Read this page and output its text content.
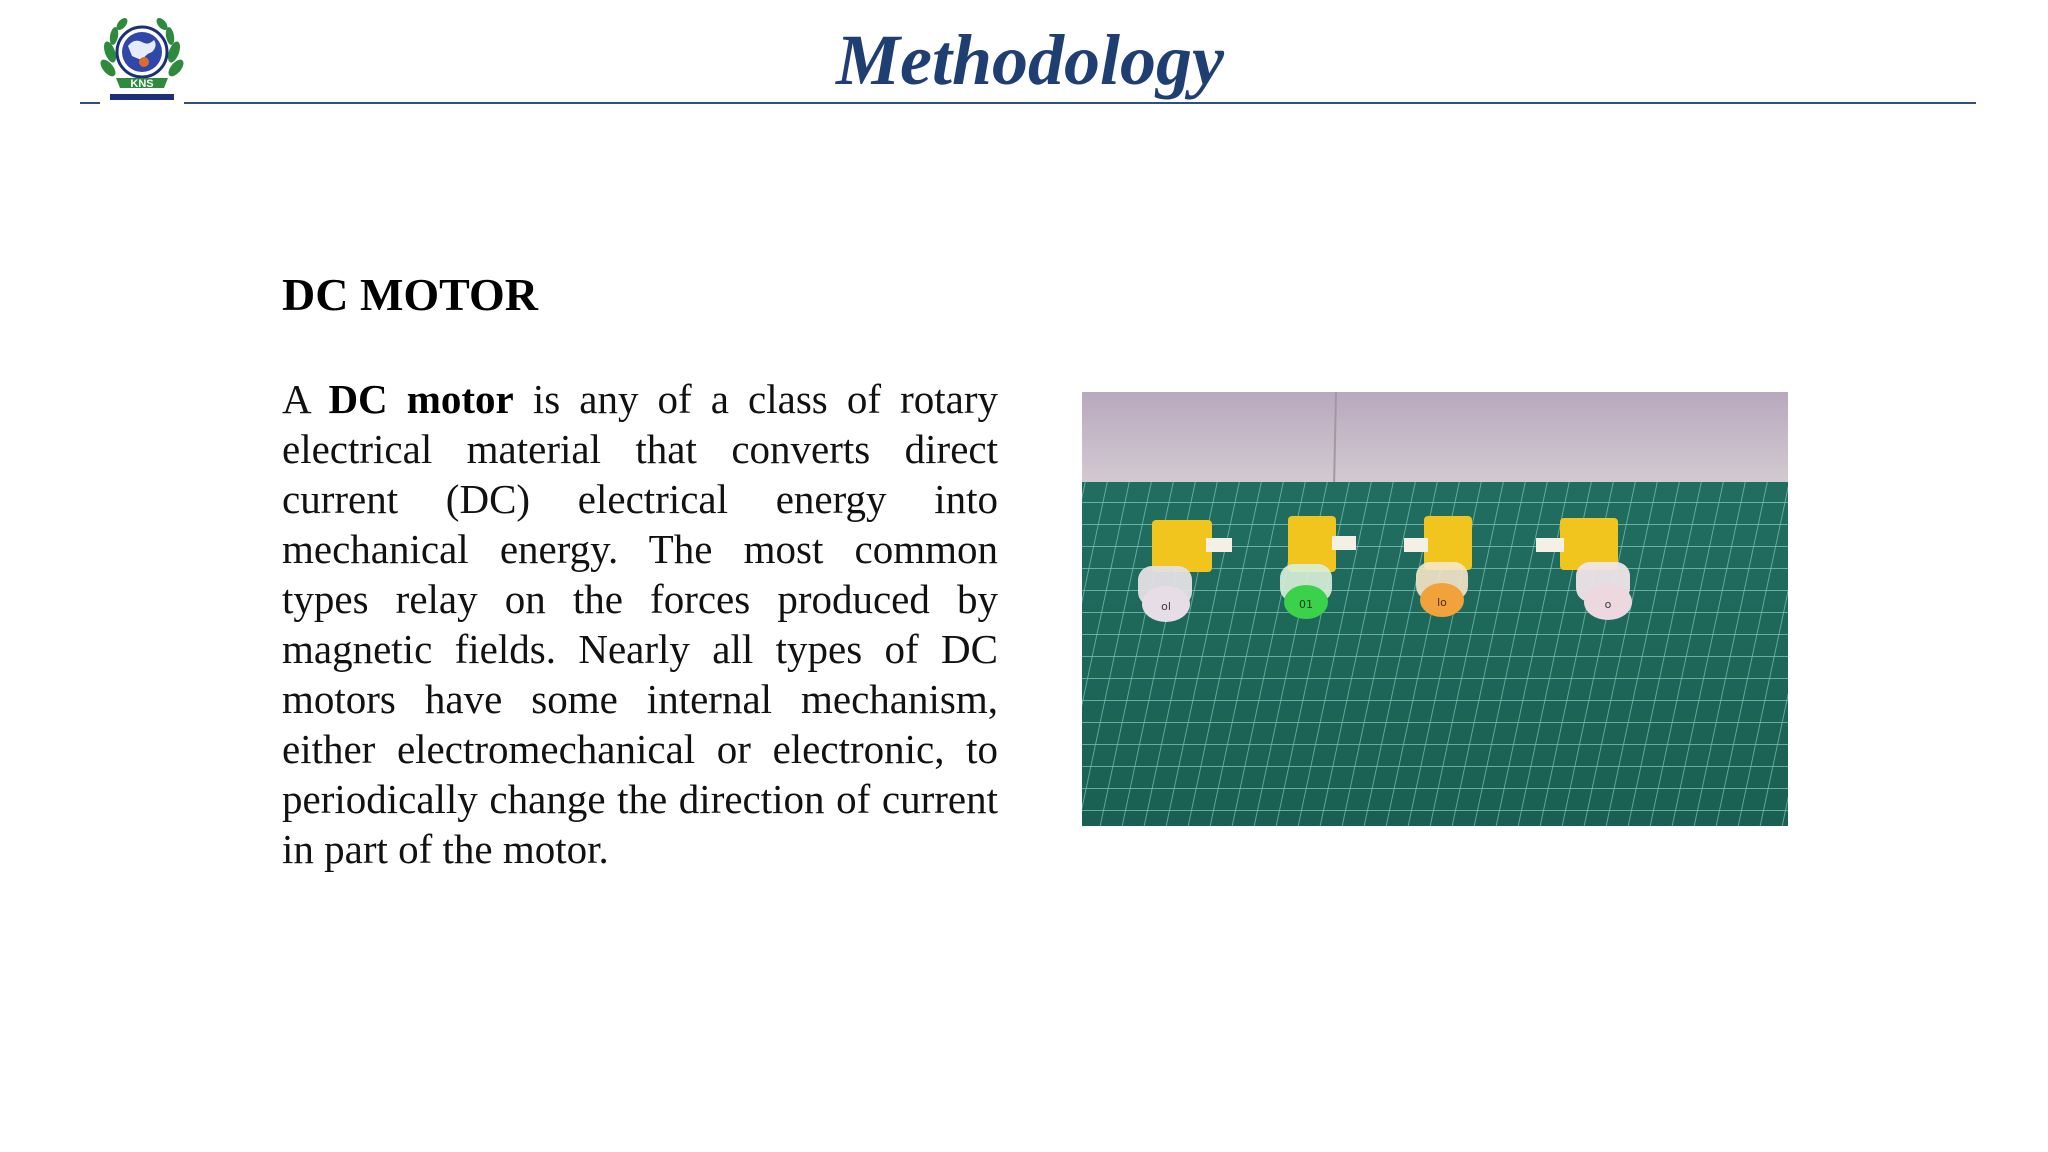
KNS	Methodology
DC MOTOR
A DC motor is any of a class of rotary electrical material that converts direct current (DC) electrical energy into mechanical energy. The most common types relay on the forces produced by magnetic fields. Nearly all types of DC motors have some internal mechanism, either electromechanical or electronic, to periodically change the direction of current in part of the motor.
ol	01	lo	o
